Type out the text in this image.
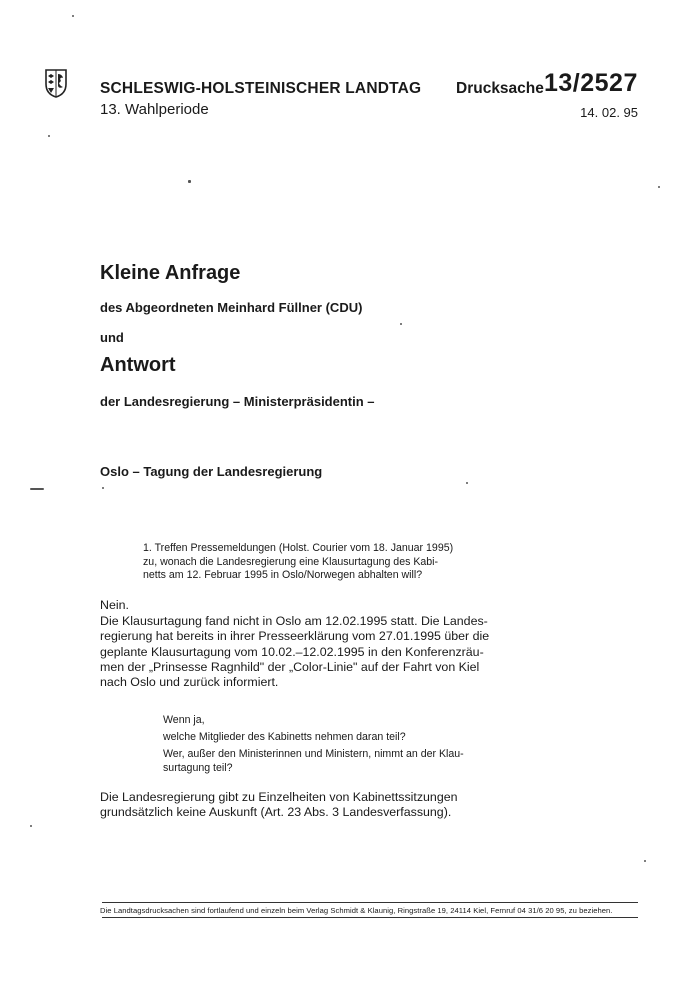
SCHLESWIG-HOLSTEINISCHER LANDTAG
13. Wahlperiode
Drucksache 13/2527
14. 02. 95
Kleine Anfrage
des Abgeordneten Meinhard Füllner (CDU)
und
Antwort
der Landesregierung – Ministerpräsidentin –
Oslo – Tagung der Landesregierung
1. Treffen Pressemeldungen (Holst. Courier vom 18. Januar 1995)
zu, wonach die Landesregierung eine Klausurtagung des Kabi-
netts am 12. Februar 1995 in Oslo/Norwegen abhalten will?
Nein.
Die Klausurtagung fand nicht in Oslo am 12.02.1995 statt. Die Landes-
regierung hat bereits in ihrer Presseerklärung vom 27.01.1995 über die
geplante Klausurtagung vom 10.02.–12.02.1995 in den Konferenzräu-
men der „Prinsesse Ragnhild" der „Color-Linie" auf der Fahrt von Kiel
nach Oslo und zurück informiert.
Wenn ja,
welche Mitglieder des Kabinetts nehmen daran teil?
Wer, außer den Ministerinnen und Ministern, nimmt an der Klau-
surtagung teil?
Die Landesregierung gibt zu Einzelheiten von Kabinettssitzungen
grundsätzlich keine Auskunft (Art. 23 Abs. 3 Landesverfassung).
Die Landtagsdrucksachen sind fortlaufend und einzeln beim Verlag Schmidt & Klaunig, Ringstraße 19, 24114 Kiel, Fernruf 04 31/6 20 95, zu beziehen.
